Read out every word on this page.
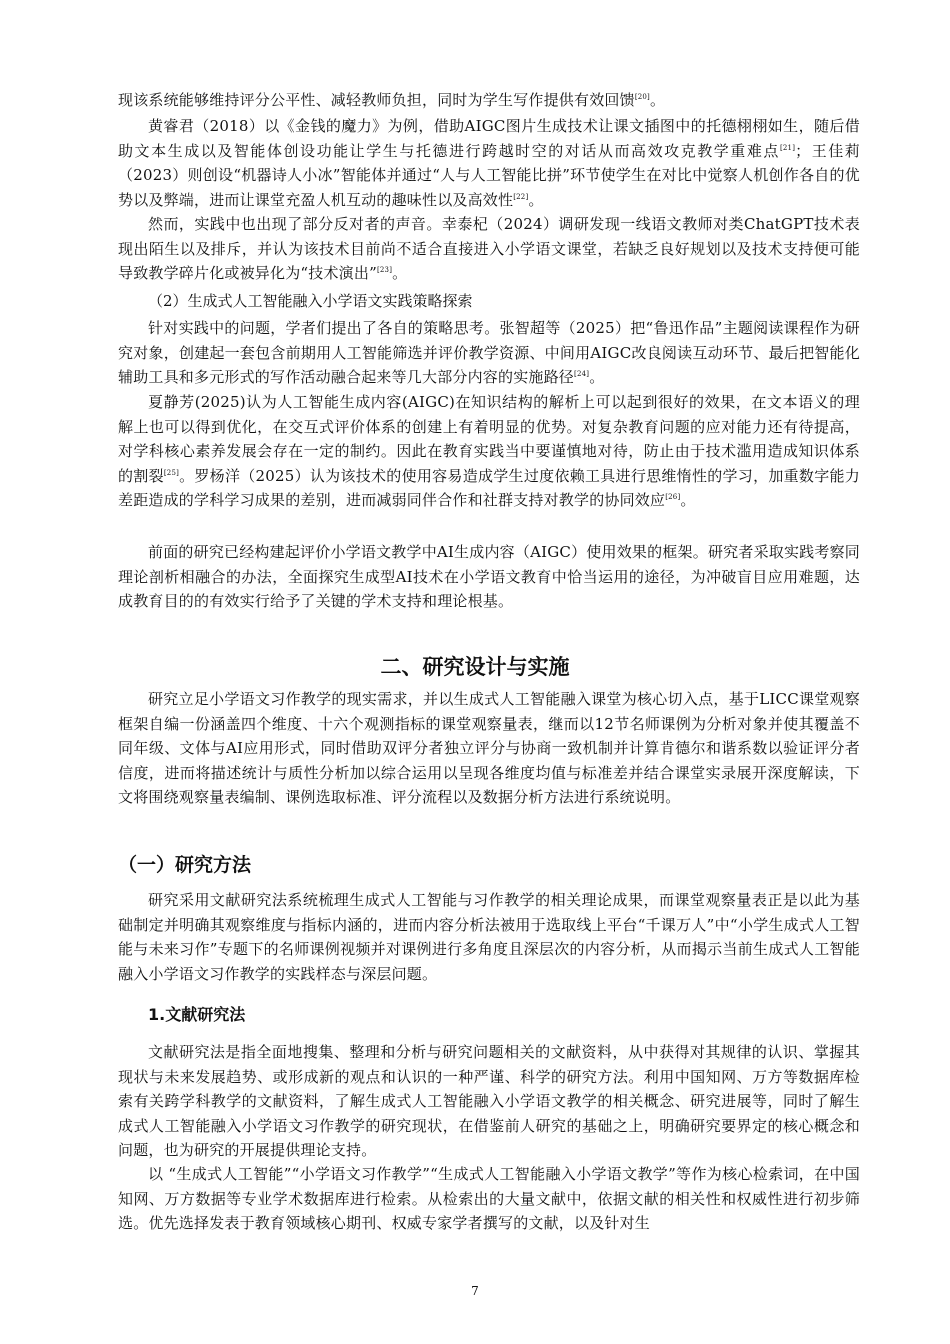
现该系统能够维持评分公平性、减轻教师负担，同时为学生写作提供有效回馈[20]。

黄睿君（2018）以《金钱的魔力》为例，借助AIGC图片生成技术让课文插图中的托德栩栩如生，随后借助文本生成以及智能体创设功能让学生与托德进行跨越时空的对话从而高效攻克教学重难点[21]；王佳莉（2023）则创设“机器诗人小冰”智能体并通过“人与人工智能比拼”环节使学生在对比中觉察人机创作各自的优势以及弊端，进而让课堂充盈人机互动的趣味性以及高效性[22]。

然而，实践中也出现了部分反对者的声音。幸泰杞（2024）调研发现一线语文教师对类ChatGPT技术表现出陌生以及排斥，并认为该技术目前尚不适合直接进入小学语文课堂，若缺乏良好规划以及技术支持便可能导致教学碎片化或被异化为“技术演出”[23]。

（2）生成式人工智能融入小学语文实践策略探索

针对实践中的问题，学者们提出了各自的策略思考。张智超等（2025）把“鲁迅作品”主题阅读课程作为研究对象，创建起一套包含前期用人工智能筛选并评价教学资源、中间用AIGC改良阅读互动环节、最后把智能化辅助工具和多元形式的写作活动融合起来等几大部分内容的实施路径[24]。

夏静芳(2025)认为人工智能生成内容(AIGC)在知识结构的解析上可以起到很好的效果，在文本语义的理解上也可以得到优化，在交互式评价体系的创建上有着明显的优势。对复杂教育问题的应对能力还有待提高，对学科核心素养发展会存在一定的制约。因此在教育实践当中要谨慎地对待，防止由于技术滥用造成知识体系的割裂[25]。罗杨洋（2025）认为该技术的使用容易造成学生过度依赖工具进行思维惰性的学习，加重数字能力差距造成的学科学习成果的差别，进而减弱同伴合作和社群支持对教学的协同效应[26]。

前面的研究已经构建起评价小学语文教学中AI生成内容（AIGC）使用效果的框架。研究者采取实践考察同理论剖析相融合的办法，全面探究生成型AI技术在小学语文教育中恰当运用的途径，为冲破盲目应用难题，达成教育目的的有效实行给予了关键的学术支持和理论根基。

二、研究设计与实施

研究立足小学语文习作教学的现实需求，并以生成式人工智能融入课堂为核心切入点，基于LICC课堂观察框架自编一份涵盖四个维度、十六个观测指标的课堂观察量表，继而以12节名师课例为分析对象并使其覆盖不同年级、文体与AI应用形式，同时借助双评分者独立评分与协商一致机制并计算肯德尔和谐系数以验证评分者信度，进而将描述统计与质性分析加以综合运用以呈现各维度均值与标准差并结合课堂实录展开深度解读，下文将围绕观察量表编制、课例选取标准、评分流程以及数据分析方法进行系统说明。

（一）研究方法

研究采用文献研究法系统梳理生成式人工智能与习作教学的相关理论成果，而课堂观察量表正是以此为基础制定并明确其观察维度与指标内涵的，进而内容分析法被用于选取线上平台“千课万人”中“小学生成式人工智能与未来习作”专题下的名师课例视频并对课例进行多角度且深层次的内容分析，从而揭示当前生成式人工智能融入小学语文习作教学的实践样态与深层问题。

1.文献研究法

文献研究法是指全面地搜集、整理和分析与研究问题相关的文献资料，从中获得对其规律的认识、掌握其现状与未来发展趋势、或形成新的观点和认识的一种严谨、科学的研究方法。利用中国知网、万方等数据库检索有关跨学科教学的文献资料，了解生成式人工智能融入小学语文教学的相关概念、研究进展等，同时了解生成式人工智能融入小学语文习作教学的研究现状，在借鉴前人研究的基础之上，明确研究要界定的核心概念和问题，也为研究的开展提供理论支持。

以 “生成式人工智能”“小学语文习作教学”“生成式人工智能融入小学语文教学”等作为核心检索词，在中国知网、万方数据等专业学术数据库进行检索。从检索出的大量文献中，依据文献的相关性和权威性进行初步筛选。优先选择发表于教育领域核心期刊、权威专家学者撰写的文献，以及针对生

7
